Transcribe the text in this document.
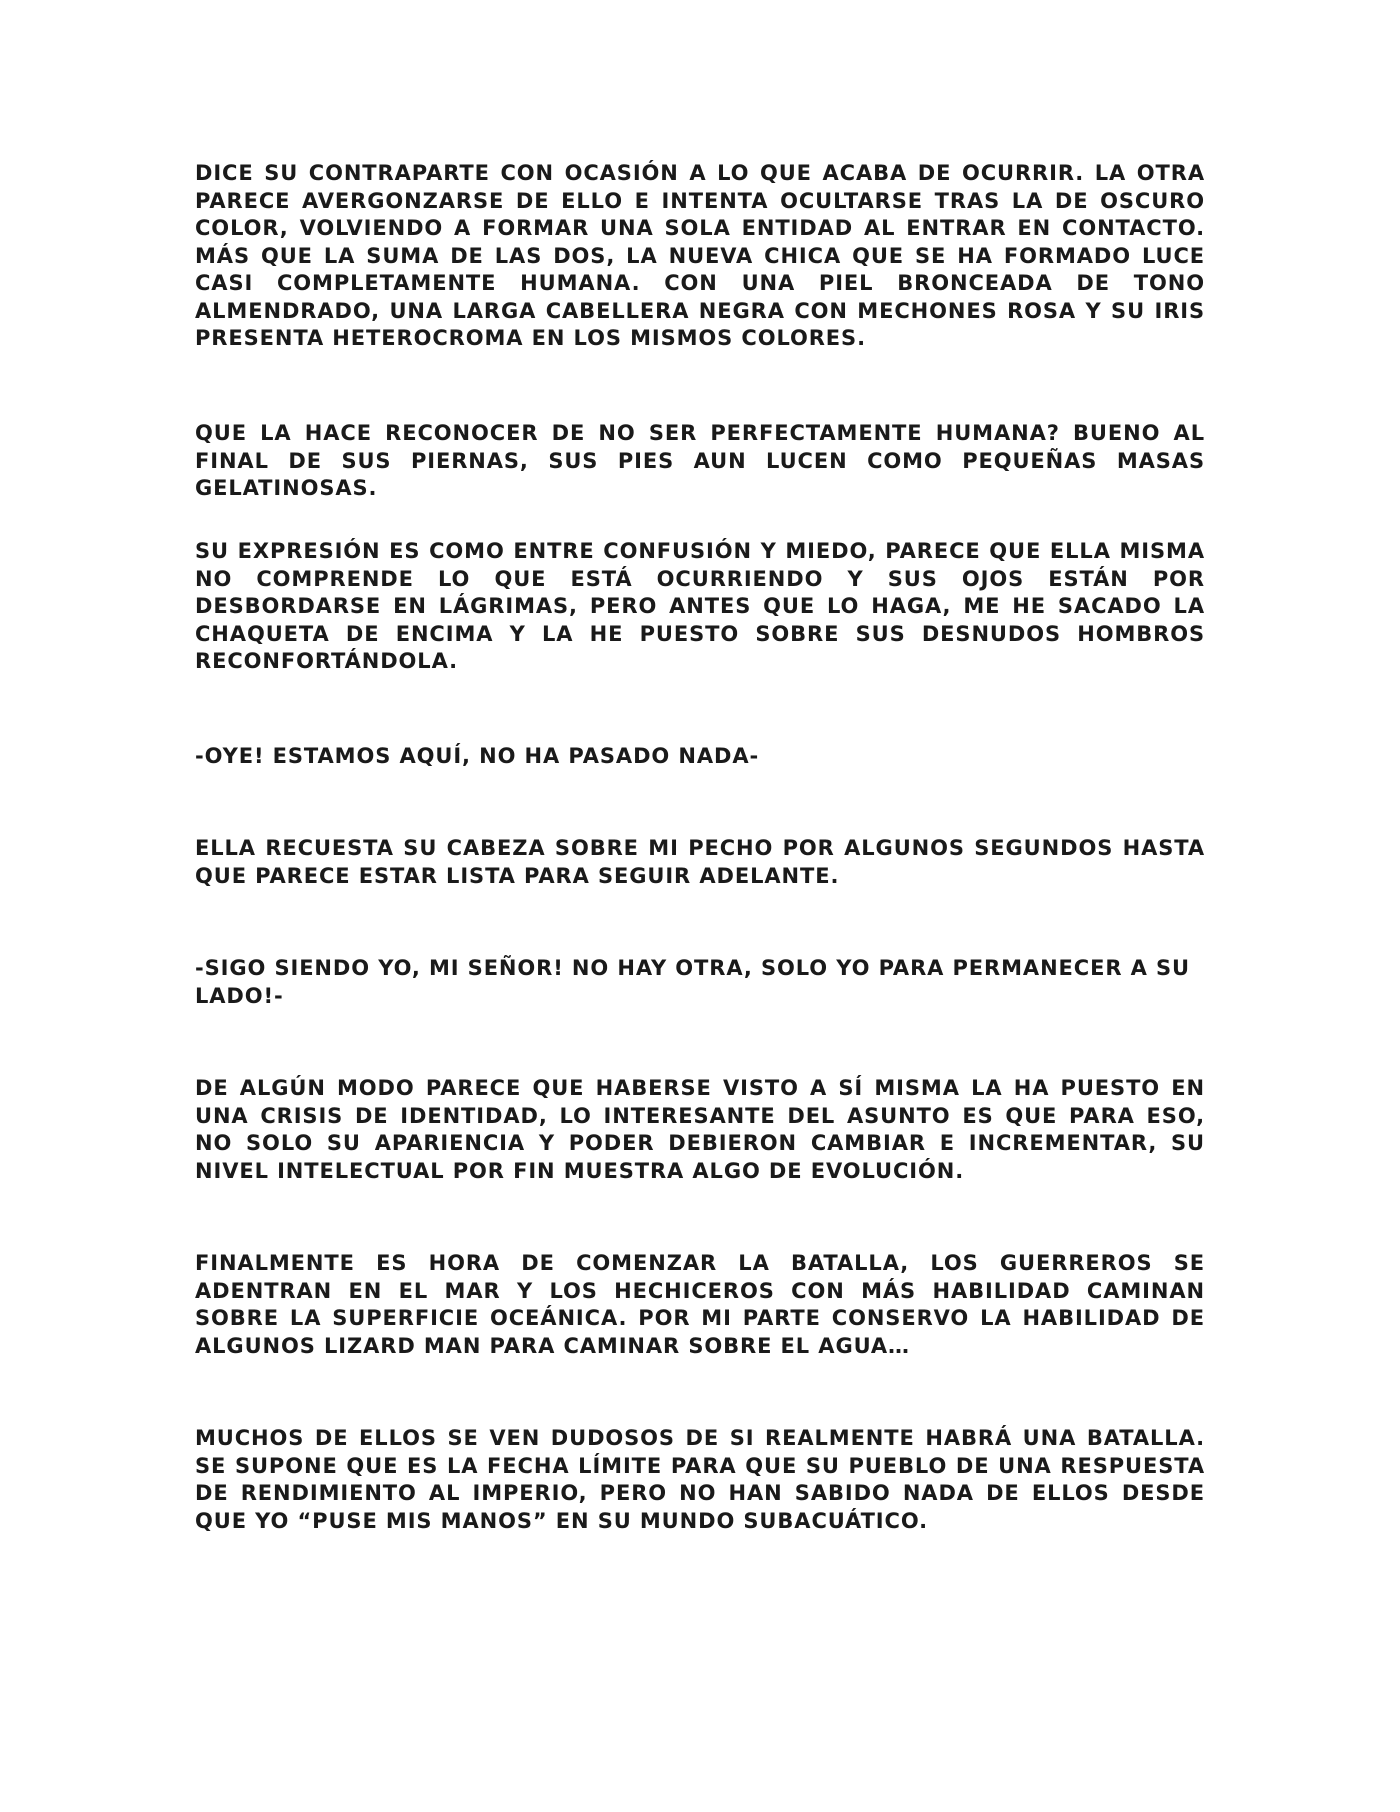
DICE SU CONTRAPARTE CON OCASIÓN A LO QUE ACABA DE OCURRIR. LA OTRA PARECE AVERGONZARSE DE ELLO E INTENTA OCULTARSE TRAS LA DE OSCURO COLOR, VOLVIENDO A FORMAR UNA SOLA ENTIDAD AL ENTRAR EN CONTACTO. MÁS QUE LA SUMA DE LAS DOS, LA NUEVA CHICA QUE SE HA FORMADO LUCE CASI COMPLETAMENTE HUMANA. CON UNA PIEL BRONCEADA DE TONO ALMENDRADO, UNA LARGA CABELLERA NEGRA CON MECHONES ROSA Y SU IRIS PRESENTA HETEROCROMA EN LOS MISMOS COLORES.

QUE LA HACE RECONOCER DE NO SER PERFECTAMENTE HUMANA? BUENO AL FINAL DE SUS PIERNAS, SUS PIES AUN LUCEN COMO PEQUEÑAS MASAS GELATINOSAS.

SU EXPRESIÓN ES COMO ENTRE CONFUSIÓN Y MIEDO, PARECE QUE ELLA MISMA NO COMPRENDE LO QUE ESTÁ OCURRIENDO Y SUS OJOS ESTÁN POR DESBORDARSE EN LÁGRIMAS, PERO ANTES QUE LO HAGA, ME HE SACADO LA CHAQUETA DE ENCIMA Y LA HE PUESTO SOBRE SUS DESNUDOS HOMBROS RECONFORTÁNDOLA.

-OYE! ESTAMOS AQUÍ, NO HA PASADO NADA-

ELLA RECUESTA SU CABEZA SOBRE MI PECHO POR ALGUNOS SEGUNDOS HASTA QUE PARECE ESTAR LISTA PARA SEGUIR ADELANTE.

-SIGO SIENDO YO, MI SEÑOR! NO HAY OTRA, SOLO YO PARA PERMANECER A SU LADO!-

DE ALGÚN MODO PARECE QUE HABERSE VISTO A SÍ MISMA LA HA PUESTO EN UNA CRISIS DE IDENTIDAD, LO INTERESANTE DEL ASUNTO ES QUE PARA ESO, NO SOLO SU APARIENCIA Y PODER DEBIERON CAMBIAR E INCREMENTAR, SU NIVEL INTELECTUAL POR FIN MUESTRA ALGO DE EVOLUCIÓN.

FINALMENTE ES HORA DE COMENZAR LA BATALLA, LOS GUERREROS SE ADENTRAN EN EL MAR Y LOS HECHICEROS CON MÁS HABILIDAD CAMINAN SOBRE LA SUPERFICIE OCEÁNICA. POR MI PARTE CONSERVO LA HABILIDAD DE ALGUNOS LIZARD MAN PARA CAMINAR SOBRE EL AGUA…

MUCHOS DE ELLOS SE VEN DUDOSOS DE SI REALMENTE HABRÁ UNA BATALLA. SE SUPONE QUE ES LA FECHA LÍMITE PARA QUE SU PUEBLO DE UNA RESPUESTA DE RENDIMIENTO AL IMPERIO, PERO NO HAN SABIDO NADA DE ELLOS DESDE QUE YO “PUSE MIS MANOS” EN SU MUNDO SUBACUÁTICO.
